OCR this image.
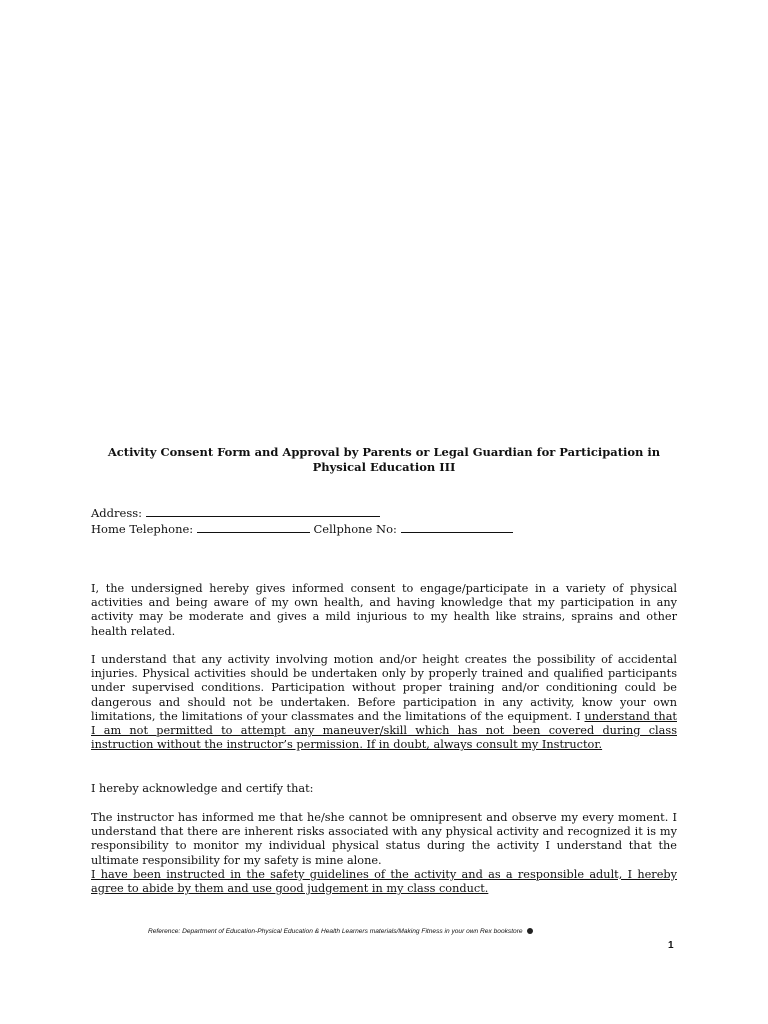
Activity Consent Form and Approval by Parents or Legal Guardian for Participation in Physical Education III
Address:
Home Telephone:	Cellphone No:

I, the undersigned hereby gives informed consent to engage/participate in a variety of physical activities and being aware of my own health, and having knowledge that my participation in any activity may be moderate and gives a mild injurious to my health like strains, sprains and other health related.

I understand that any activity involving motion and/or height creates the possibility of accidental injuries. Physical activities should be undertaken only by properly trained and qualified participants under supervised conditions. Participation without proper training and/or conditioning could be dangerous and should not be undertaken. Before participation in any activity, know your own limitations, the limitations of your classmates and the limitations of the equipment. I understand that I am not permitted to attempt any maneuver/skill which has not been covered during class instruction without the instructor’s permission. If in doubt, always consult my Instructor.

I hereby acknowledge and certify that:

The instructor has informed me that he/she cannot be omnipresent and observe my every moment. I understand that there are inherent risks associated with any physical activity and recognized it is my responsibility to monitor my individual physical status during the activity I understand that the ultimate responsibility for my safety is mine alone.
I have been instructed in the safety guidelines of the activity and as a responsible adult, I hereby agree to abide by them and use good judgement in my class conduct.

Reference: Department of Education-Physical Education & Health Learners materials/Making Fitness in your own Rex bookstore
1
